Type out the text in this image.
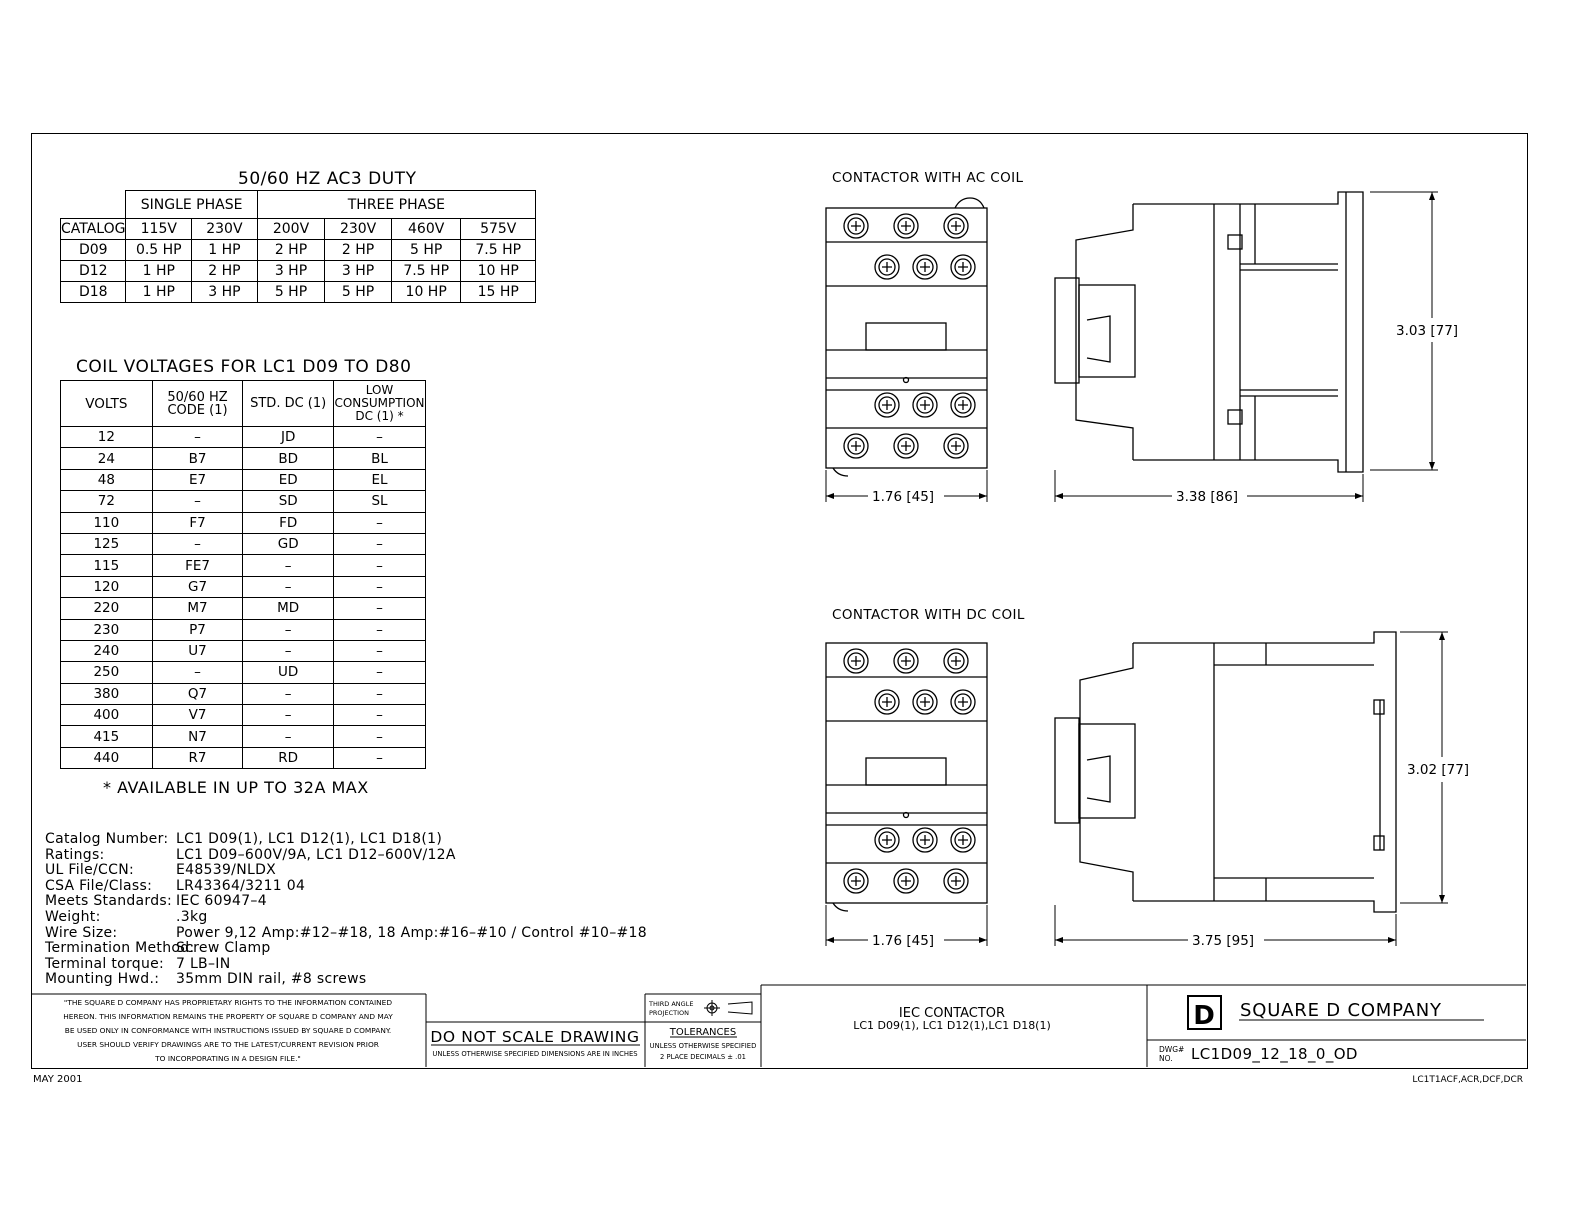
50/60 HZ AC3 DUTY
	SINGLE PHASE		THREE PHASE			
CATALOG	115V	230V	200V	230V	460V	575V
D09	0.5 HP	1 HP	2 HP	2 HP	5 HP	7.5 HP
D12	1 HP	2 HP	3 HP	3 HP	7.5 HP	10 HP
D18	1 HP	3 HP	5 HP	5 HP	10 HP	15 HP
COIL VOLTAGES FOR LC1 D09 TO D80
VOLTS	50/60 HZ CODE (1)	STD. DC (1)	LOW CONSUMPTION DC (1) *
12	–	JD	–
24	B7	BD	BL
48	E7	ED	EL
72	–	SD	SL
110	F7	FD	–
125	–	GD	–
115	FE7	–	–
120	G7	–	–
220	M7	MD	–
230	P7	–	–
240	U7	–	–
250	–	UD	–
380	Q7	–	–
400	V7	–	–
415	N7	–	–
440	R7	RD	–
* AVAILABLE IN UP TO 32A MAX
Catalog Number: LC1 D09(1), LC1 D12(1), LC1 D18(1)
Ratings:	LC1 D09–600V/9A, LC1 D12–600V/12A
UL File/CCN:	E48539/NLDX
CSA File/Class:	LR43364/3211 04
Meets Standards: IEC 60947–4
Weight:	.3kg
Wire Size:	Power 9,12 Amp:#12–#18, 18 Amp:#16–#10 / Control #10–#18
Termination Method:
Screw Clamp
Terminal torque: 7 LB–IN
Mounting Hwd.:	35mm DIN rail, #8 screws
CONTACTOR WITH AC COIL
CONTACTOR WITH DC COIL
1.76 [45]	3.38 [86]
3.03 [77]
1.76 [45]	3.75 [95]
3.02 [77]
"THE SQUARE D COMPANY HAS PROPRIETARY RIGHTS TO THE INFORMATION CONTAINED
HEREON. THIS INFORMATION REMAINS THE PROPERTY OF SQUARE D COMPANY AND MAY
BE USED ONLY IN CONFORMANCE WITH INSTRUCTIONS ISSUED BY SQUARE D COMPANY.
USER SHOULD VERIFY DRAWINGS ARE TO THE LATEST/CURRENT REVISION PRIOR
TO INCORPORATING IN A DESIGN FILE."
THIRD ANGLE
PROJECTION
DO NOT SCALE DRAWING
UNLESS OTHERWISE SPECIFIED DIMENSIONS ARE IN INCHES
TOLERANCES
UNLESS OTHERWISE SPECIFIED
2 PLACE DECIMALS ± .01
IEC CONTACTOR
LC1 D09(1), LC1 D12(1),LC1 D18(1)	D SQUARE D COMPANY
DWG#
NO. LC1D09_12_18_0_OD
MAY 2001	LC1T1ACF,ACR,DCF,DCR
